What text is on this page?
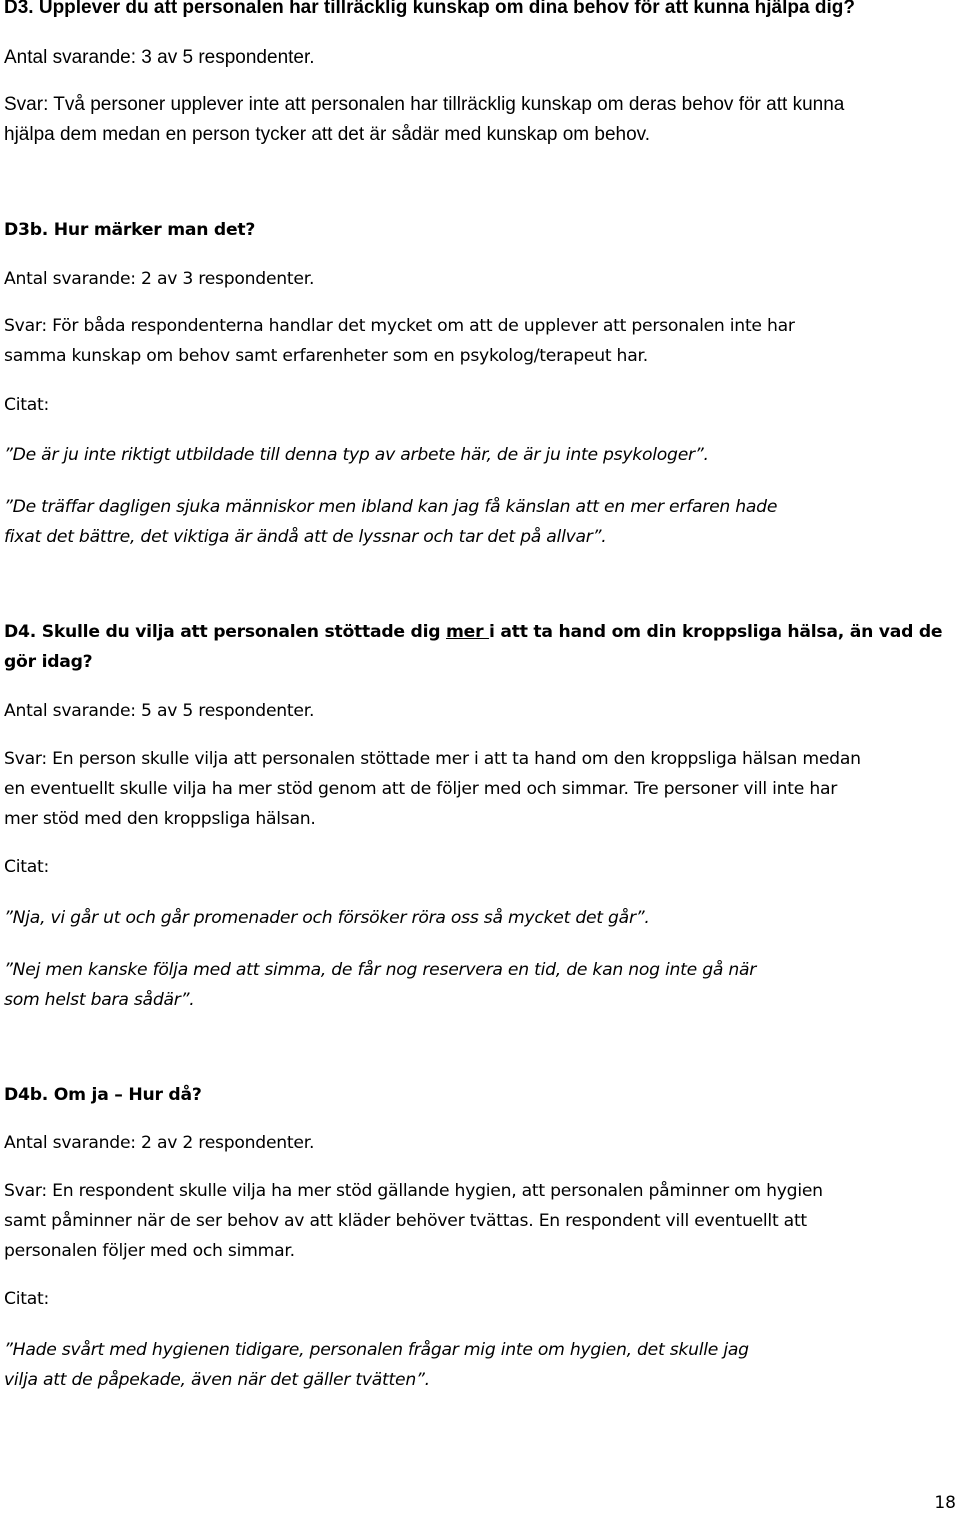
D3. Upplever du att personalen har tillräcklig kunskap om dina behov för att kunna hjälpa dig?
Antal svarande: 3 av 5 respondenter.
Svar: Två personer upplever inte att personalen har tillräcklig kunskap om deras behov för att kunna
hjälpa dem medan en person tycker att det är sådär med kunskap om behov.
D3b. Hur märker man det?
Antal svarande: 2 av 3 respondenter.
Svar: För båda respondenterna handlar det mycket om att de upplever att personalen inte har
samma kunskap om behov samt erfarenheter som en psykolog/terapeut har.
Citat:
”De är ju inte riktigt utbildade till denna typ av arbete här, de är ju inte psykologer”.
”De träffar dagligen sjuka människor men ibland kan jag få känslan att en mer erfaren hade
fixat det bättre, det viktiga är ändå att de lyssnar och tar det på allvar”.
D4. Skulle du vilja att personalen stöttade dig mer i att ta hand om din kroppsliga hälsa, än vad de
gör idag?
Antal svarande: 5 av 5 respondenter.
Svar: En person skulle vilja att personalen stöttade mer i att ta hand om den kroppsliga hälsan medan
en eventuellt skulle vilja ha mer stöd genom att de följer med och simmar. Tre personer vill inte har
mer stöd med den kroppsliga hälsan.
Citat:
”Nja, vi går ut och går promenader och försöker röra oss så mycket det går”.
”Nej men kanske följa med att simma, de får nog reservera en tid, de kan nog inte gå när
som helst bara sådär”.
D4b. Om ja – Hur då?
Antal svarande: 2 av 2 respondenter.
Svar: En respondent skulle vilja ha mer stöd gällande hygien, att personalen påminner om hygien
samt påminner när de ser behov av att kläder behöver tvättas. En respondent vill eventuellt att
personalen följer med och simmar.
Citat:
”Hade svårt med hygienen tidigare, personalen frågar mig inte om hygien, det skulle jag
vilja att de påpekade, även när det gäller tvätten”.
18
